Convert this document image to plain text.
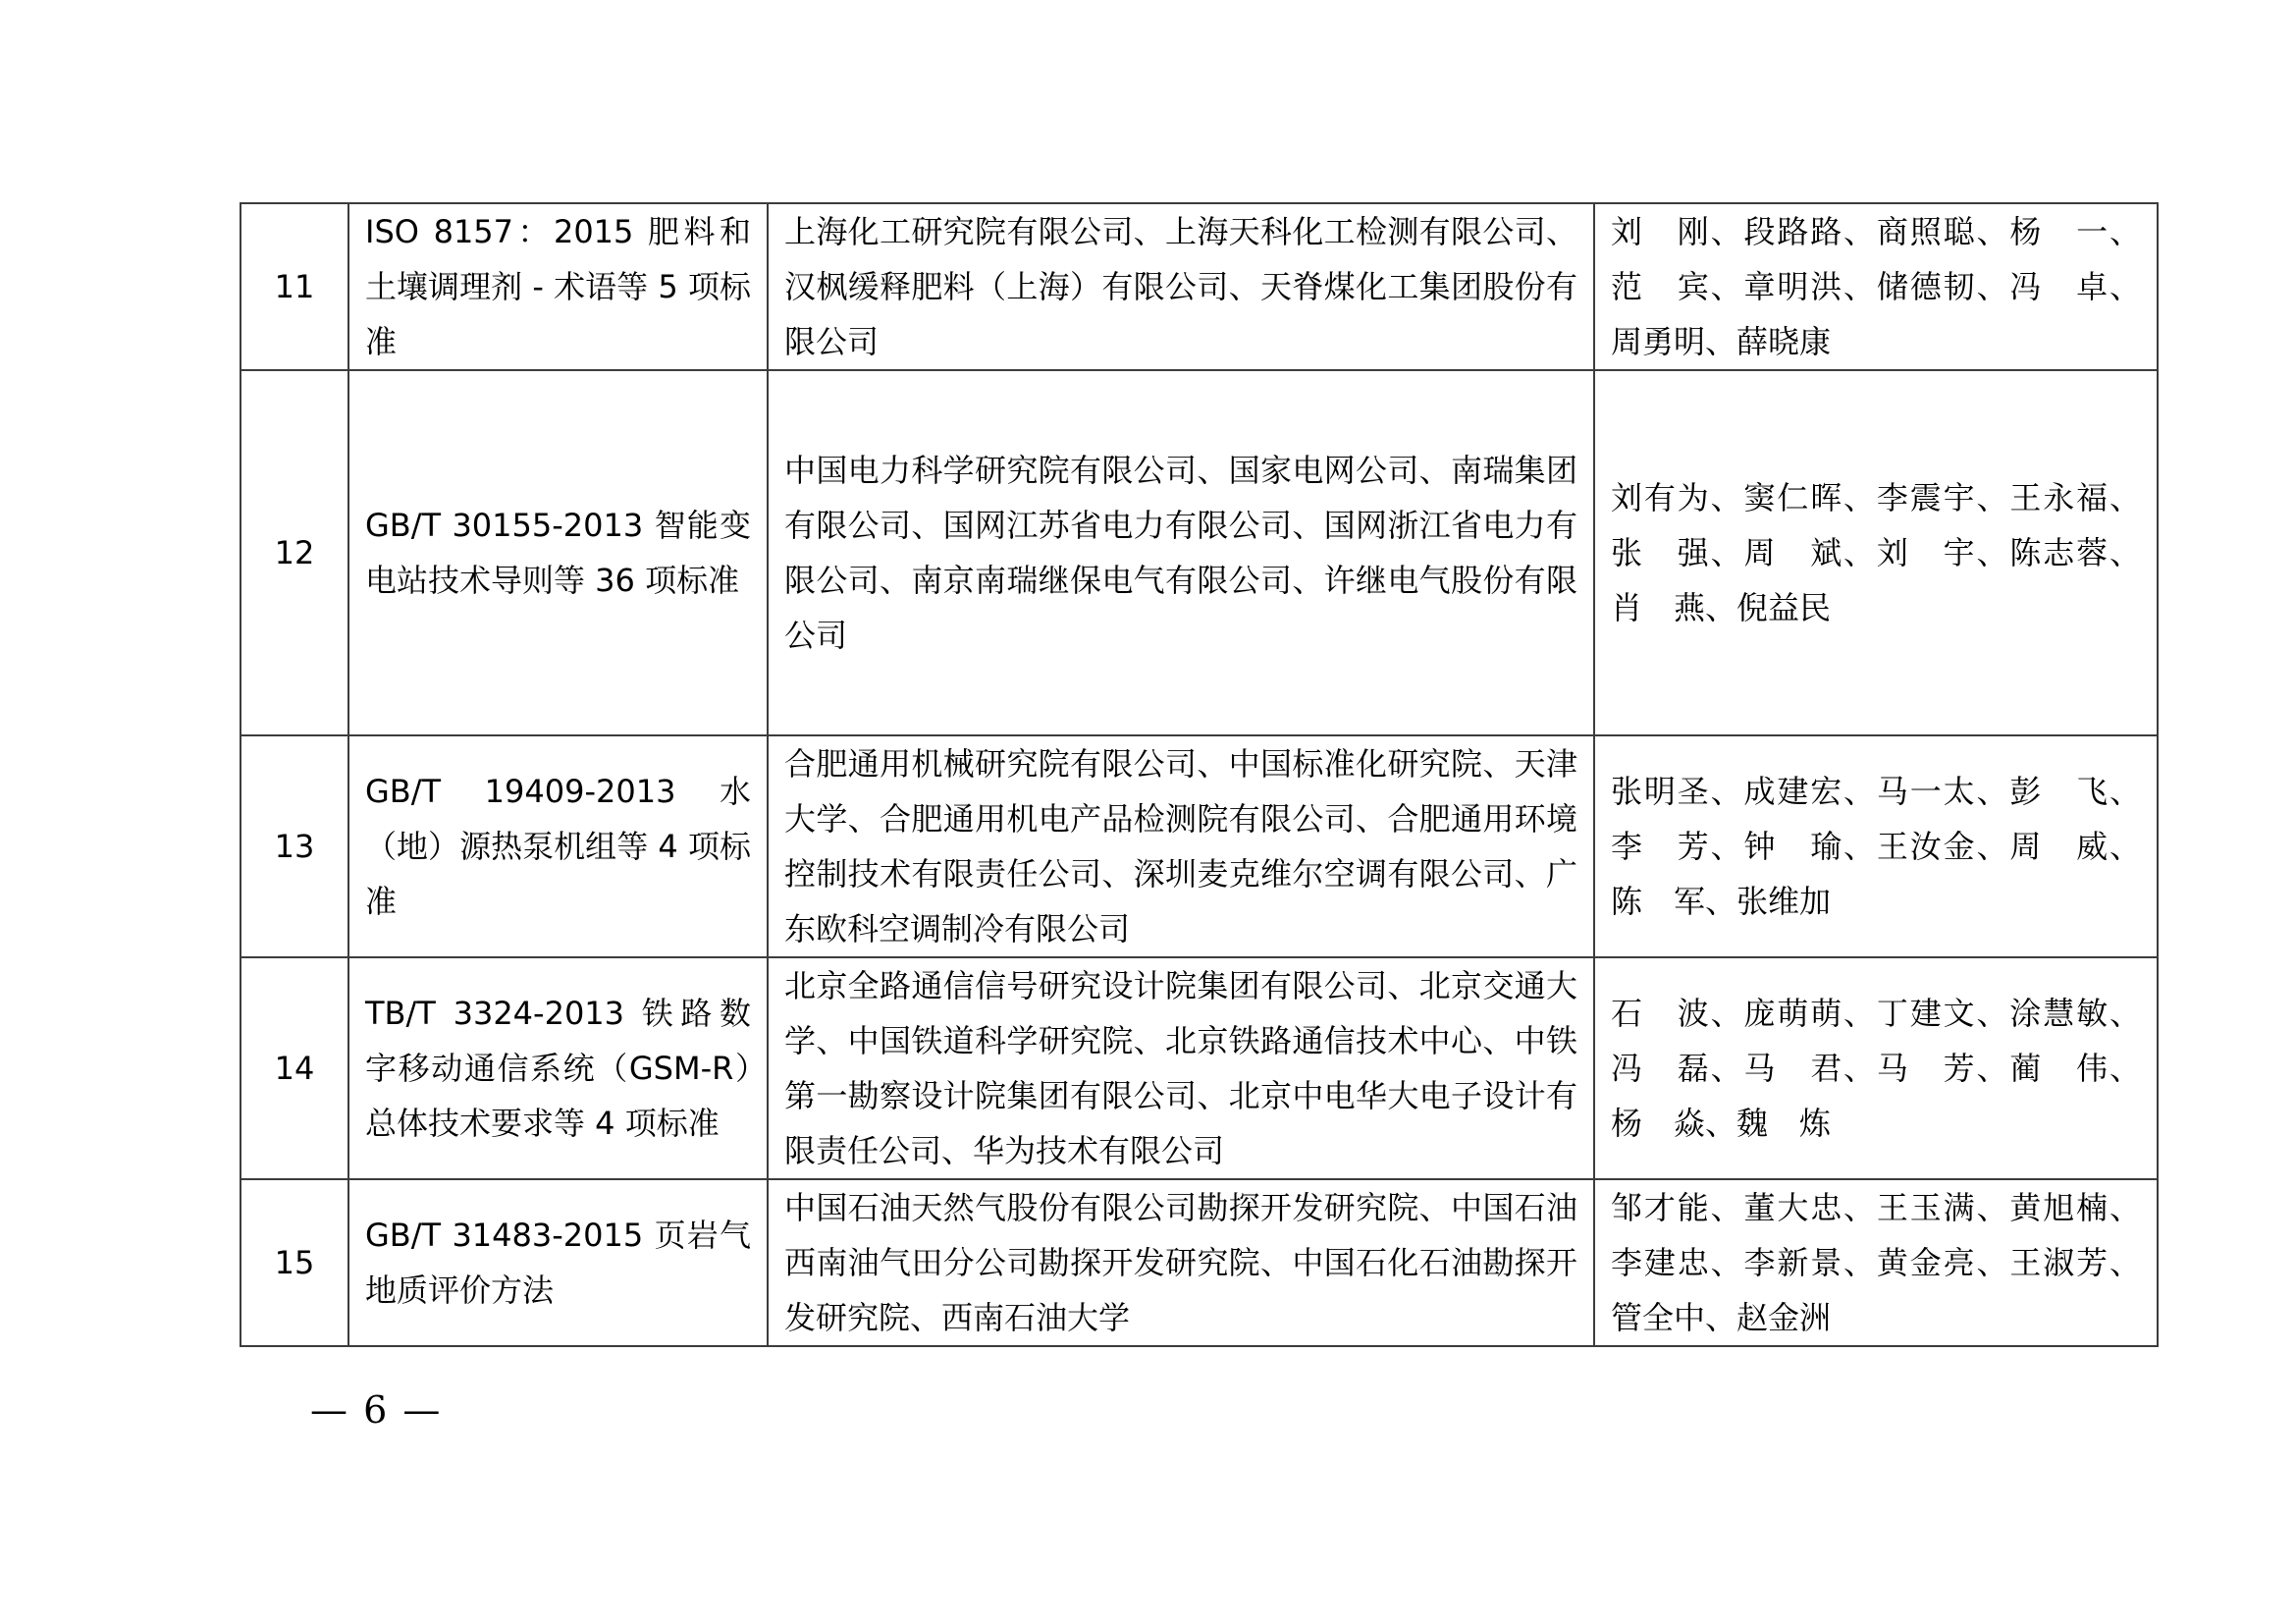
11	ISO 8157：2015 肥料和土壤调理剂 - 术语等 5 项标准	上海化工研究院有限公司、上海天科化工检测有限公司、汉枫缓释肥料（上海）有限公司、天脊煤化工集团股份有限公司	刘　刚、段路路、商照聪、杨　一、范　宾、章明洪、储德韧、冯　卓、周勇明、薛晓康
12	GB/T 30155-2013 智能变电站技术导则等 36 项标准	中国电力科学研究院有限公司、国家电网公司、南瑞集团有限公司、国网江苏省电力有限公司、国网浙江省电力有限公司、南京南瑞继保电气有限公司、许继电气股份有限公司	刘有为、窦仁晖、李震宇、王永福、张　强、周　斌、刘　宇、陈志蓉、肖　燕、倪益民
13	GB/T 19409-2013 水（地）源热泵机组等 4 项标准	合肥通用机械研究院有限公司、中国标准化研究院、天津大学、合肥通用机电产品检测院有限公司、合肥通用环境控制技术有限责任公司、深圳麦克维尔空调有限公司、广东欧科空调制冷有限公司	张明圣、成建宏、马一太、彭　飞、李　芳、钟　瑜、王汝金、周　威、陈　军、张维加
14	TB/T 3324-2013 铁路数字移动通信系统（GSM-R）总体技术要求等 4 项标准	北京全路通信信号研究设计院集团有限公司、北京交通大学、中国铁道科学研究院、北京铁路通信技术中心、中铁第一勘察设计院集团有限公司、北京中电华大电子设计有限责任公司、华为技术有限公司	石　波、庞萌萌、丁建文、涂慧敏、冯　磊、马　君、马　芳、蔺　伟、杨　焱、魏　炼
15	GB/T 31483-2015 页岩气地质评价方法	中国石油天然气股份有限公司勘探开发研究院、中国石油西南油气田分公司勘探开发研究院、中国石化石油勘探开发研究院、西南石油大学	邹才能、董大忠、王玉满、黄旭楠、李建忠、李新景、黄金亮、王淑芳、管全中、赵金洲
— 6 —
